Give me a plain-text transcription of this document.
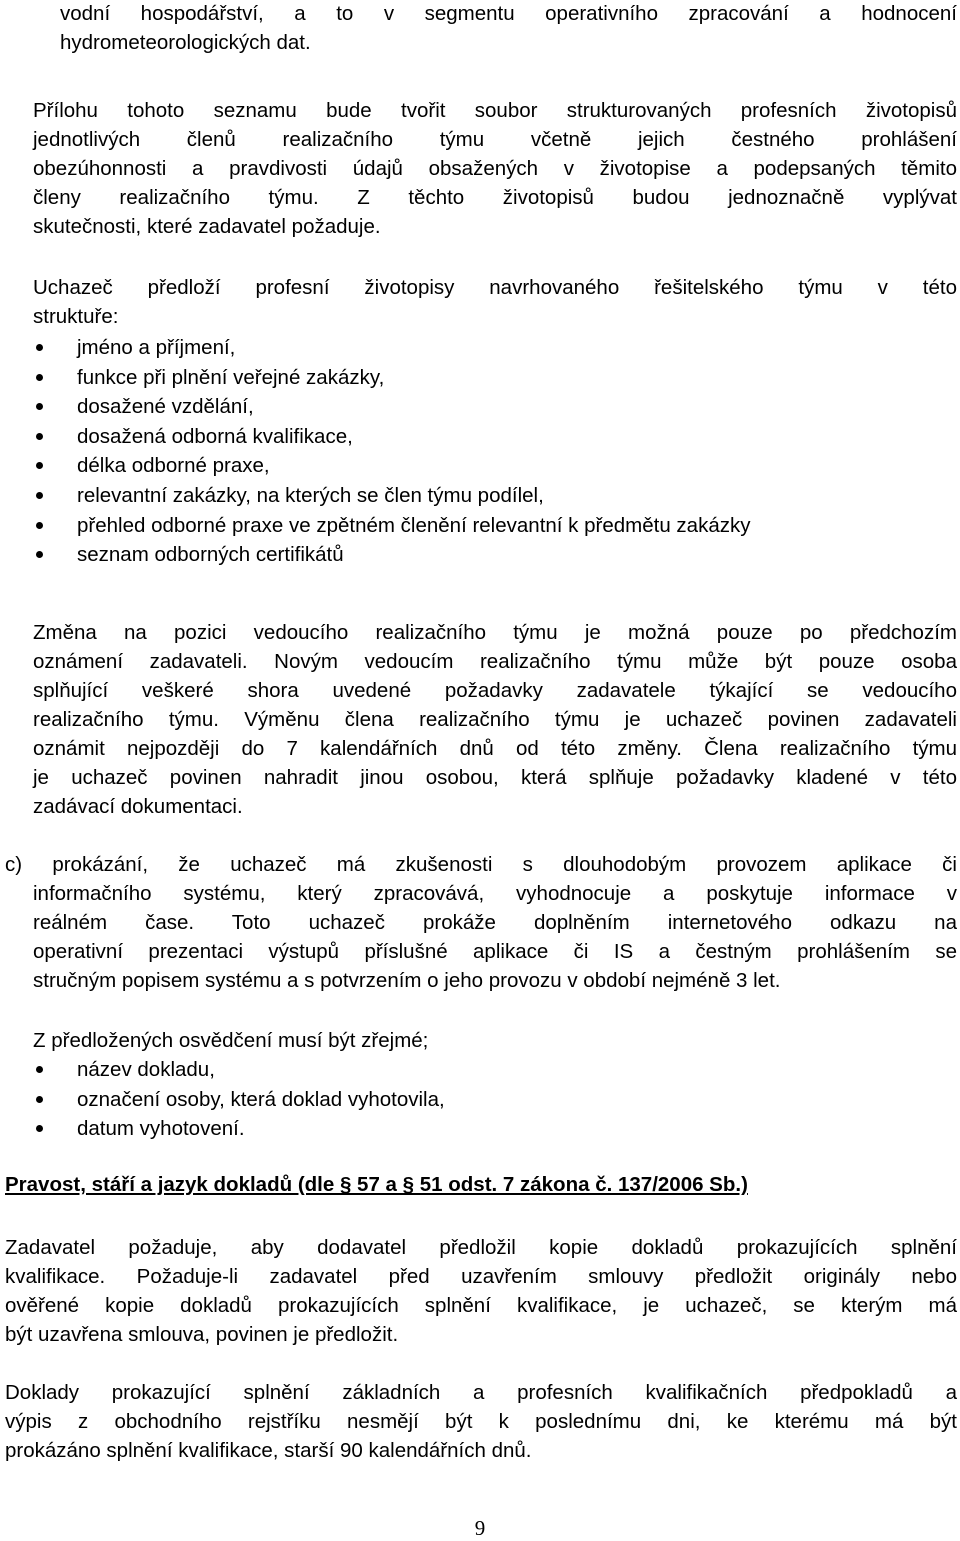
vodní hospodářství, a to v segmentu operativního zpracování a hodnocení

hydrometeorologických dat.

Přílohu tohoto seznamu bude tvořit soubor strukturovaných profesních životopisů

jednotlivých členů realizačního týmu včetně jejich čestného prohlášení

obezúhonnosti a pravdivosti údajů obsažených v životopise a podepsaných těmito

členy realizačního týmu. Z těchto životopisů budou jednoznačně vyplývat

skutečnosti, které zadavatel požaduje.

Uchazeč předloží profesní životopisy navrhovaného řešitelského týmu v této

struktuře:

jméno a příjmení,
funkce při plnění veřejné zakázky,
dosažené vzdělání,
dosažená odborná kvalifikace,
délka odborné praxe,
relevantní zakázky, na kterých se člen týmu podílel,
přehled odborné praxe ve zpětném členění relevantní k předmětu zakázky
seznam odborných certifikátů

Změna na pozici vedoucího realizačního týmu je možná pouze po předchozím

oznámení zadavateli. Novým vedoucím realizačního týmu může být pouze osoba

splňující veškeré shora uvedené požadavky zadavatele týkající se vedoucího

realizačního týmu. Výměnu člena realizačního týmu je uchazeč povinen zadavateli

oznámit nejpozději do 7 kalendářních dnů od této změny. Člena realizačního týmu

je uchazeč povinen nahradit jinou osobou, která splňuje požadavky kladené v této

zadávací dokumentaci.

c) prokázání, že uchazeč má zkušenosti s dlouhodobým provozem aplikace či

informačního systému, který zpracovává, vyhodnocuje a poskytuje informace v

reálném čase. Toto uchazeč prokáže doplněním internetového odkazu na

operativní prezentaci výstupů příslušné aplikace či IS a čestným prohlášením se

stručným popisem systému a s potvrzením o jeho provozu v období nejméně 3 let.

Z předložených osvědčení musí být zřejmé;

název dokladu,
označení osoby, která doklad vyhotovila,
datum vyhotovení.
Pravost, stáří a jazyk dokladů (dle § 57 a § 51 odst. 7 zákona č. 137/2006 Sb.)

Zadavatel požaduje, aby dodavatel předložil kopie dokladů prokazujících splnění

kvalifikace. Požaduje-li zadavatel před uzavřením smlouvy předložit originály nebo

ověřené kopie dokladů prokazujících splnění kvalifikace, je uchazeč, se kterým má

být uzavřena smlouva, povinen je předložit.

Doklady prokazující splnění základních a profesních kvalifikačních předpokladů a

výpis z obchodního rejstříku nesmějí být k poslednímu dni, ke kterému má být

prokázáno splnění kvalifikace, starší 90 kalendářních dnů.

9
